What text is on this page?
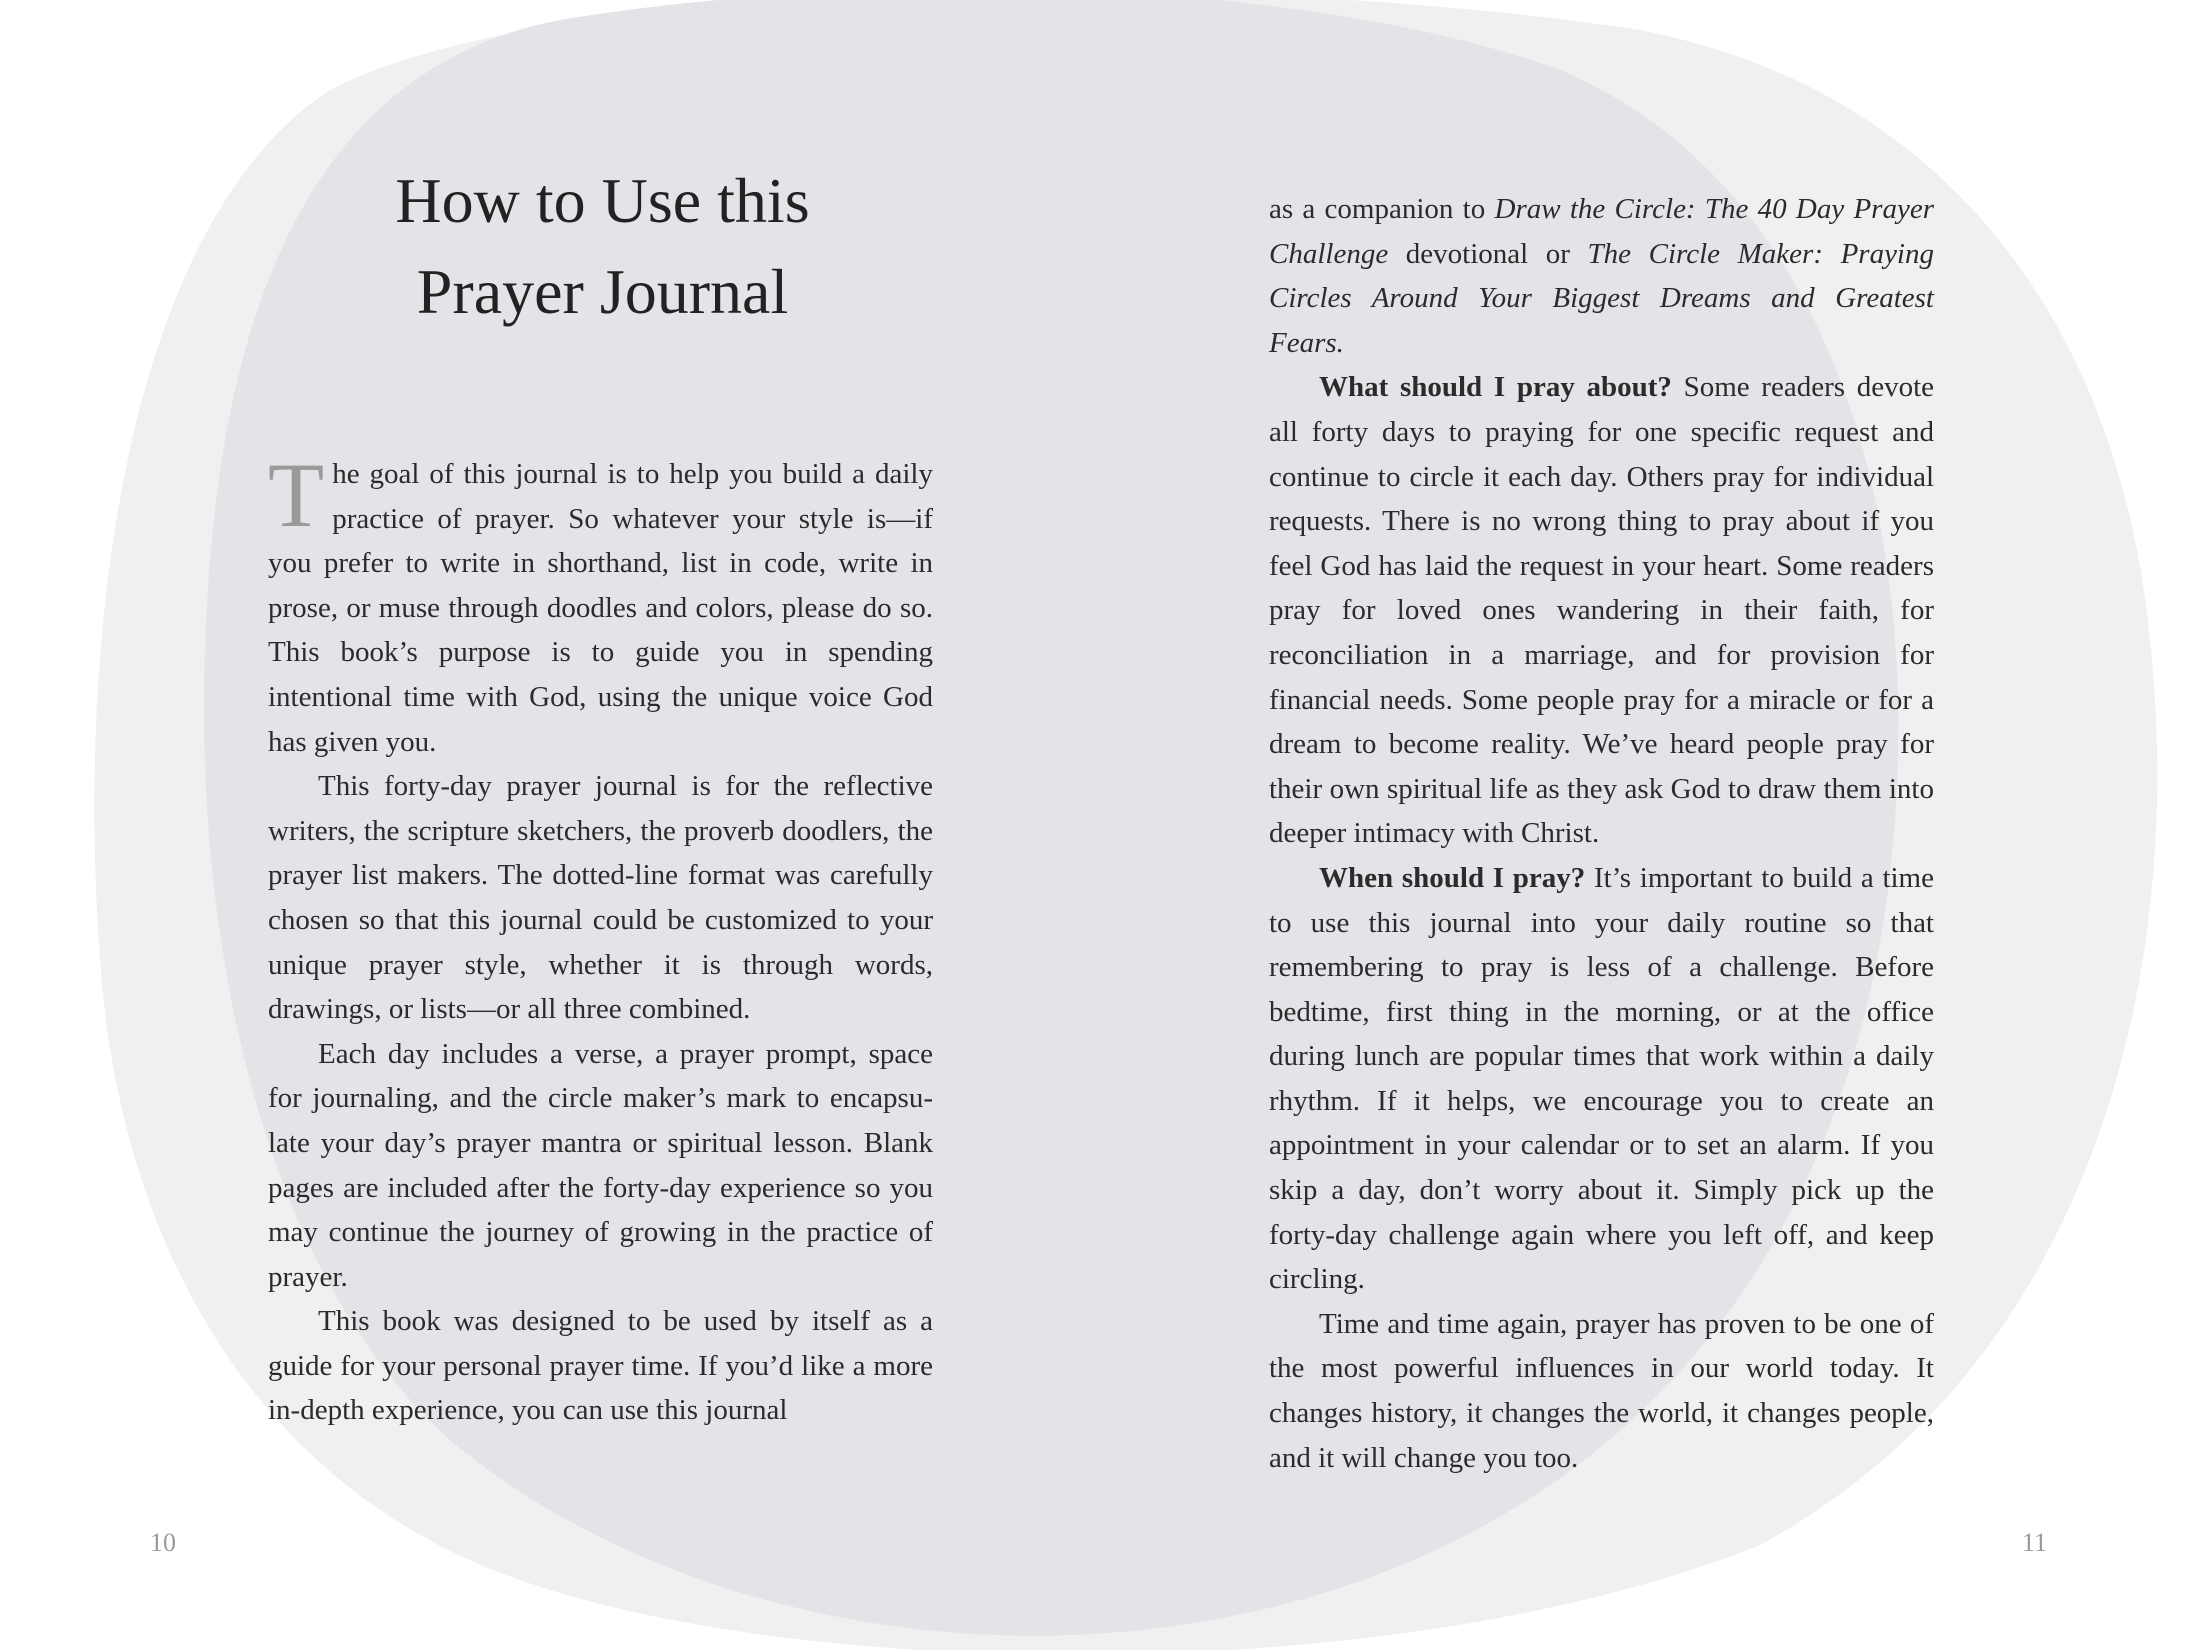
How to Use this
Prayer Journal

The goal of this journal is to help you build a daily practice of prayer. So whatever your style is—if you prefer to write in shorthand, list in code, write in prose, or muse through doodles and colors, please do so. This book’s purpose is to guide you in spending intentional time with God, using the unique voice God has given you.

This forty-day prayer journal is for the reflective writers, the scripture sketchers, the proverb doodlers, the prayer list makers. The dotted-line format was carefully chosen so that this journal could be customized to your unique prayer style, whether it is through words, drawings, or lists—or all three combined.

Each day includes a verse, a prayer prompt, space for journaling, and the circle maker’s mark to encapsulate your day’s prayer mantra or spiritual lesson. Blank pages are included after the forty-day experience so you may continue the journey of growing in the practice of prayer.

This book was designed to be used by itself as a guide for your personal prayer time. If you’d like a more in-depth experience, you can use this journal

10

as a companion to Draw the Circle: The 40 Day Prayer Challenge devotional or The Circle Maker: Praying Circles Around Your Biggest Dreams and Greatest Fears.

What should I pray about? Some readers devote all forty days to praying for one specific request and continue to circle it each day. Others pray for individual requests. There is no wrong thing to pray about if you feel God has laid the request in your heart. Some readers pray for loved ones wandering in their faith, for reconciliation in a marriage, and for provision for financial needs. Some people pray for a miracle or for a dream to become reality. We’ve heard people pray for their own spiritual life as they ask God to draw them into deeper intimacy with Christ.

When should I pray? It’s important to build a time to use this journal into your daily routine so that remembering to pray is less of a challenge. Before bedtime, first thing in the morning, or at the office during lunch are popular times that work within a daily rhythm. If it helps, we encourage you to create an appointment in your calendar or to set an alarm. If you skip a day, don’t worry about it. Simply pick up the forty-day challenge again where you left off, and keep circling.

Time and time again, prayer has proven to be one of the most powerful influences in our world today. It changes history, it changes the world, it changes people, and it will change you too.

11
